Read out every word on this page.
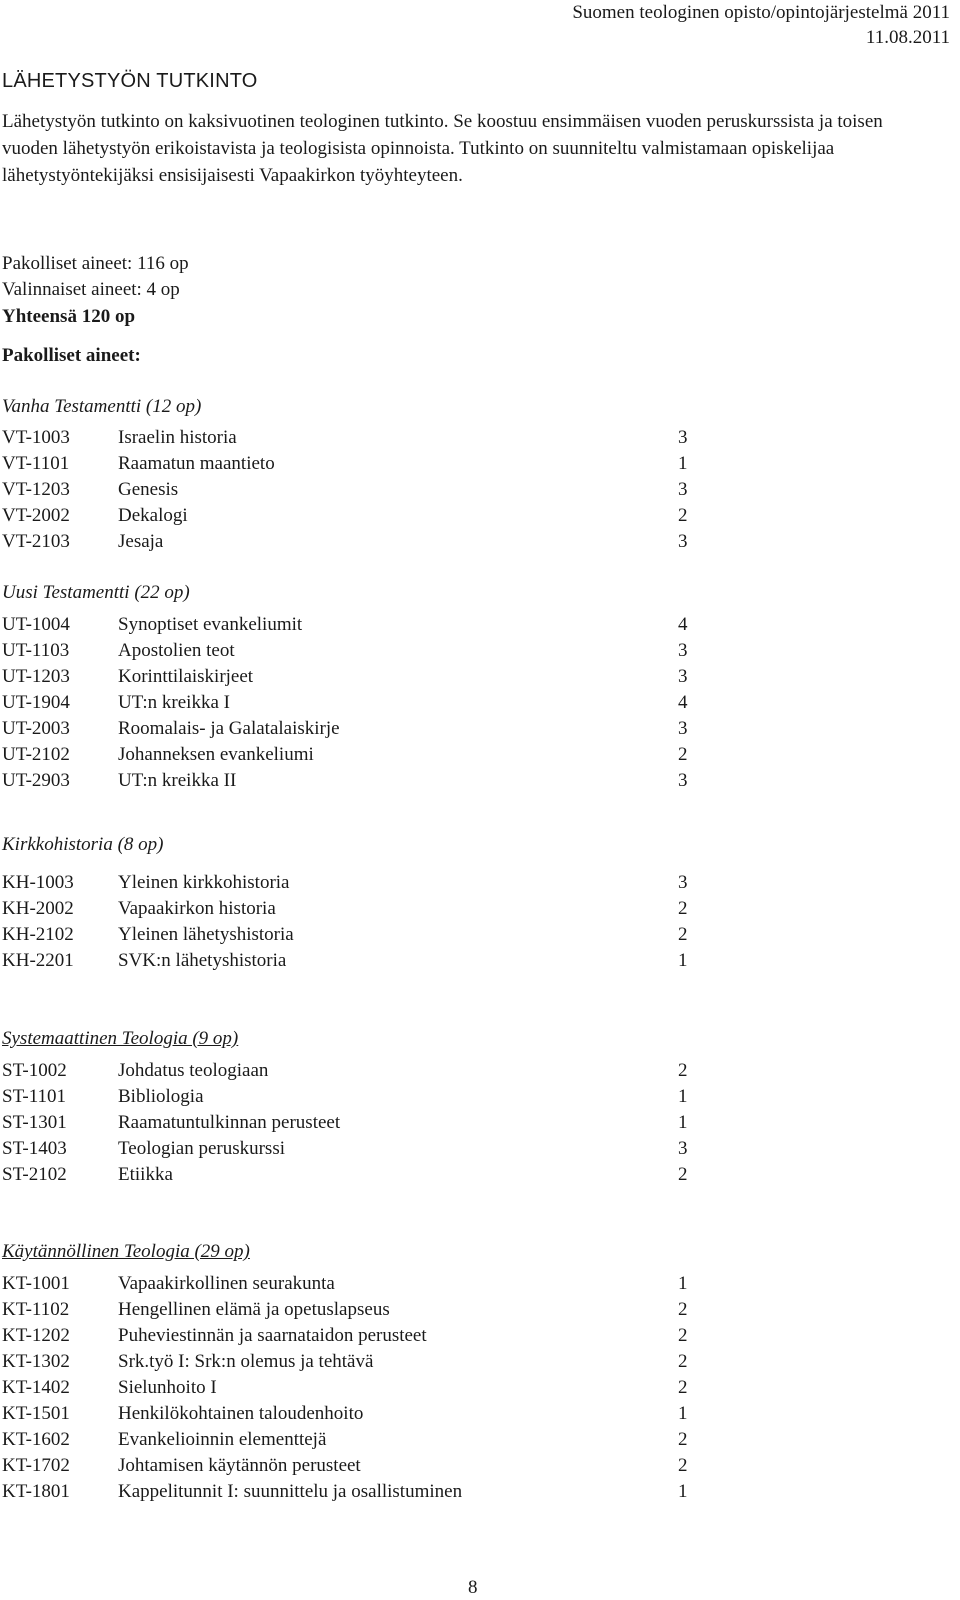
Suomen teologinen opisto/opintojärjestelmä 2011
11.08.2011
LÄHETYSTYÖN TUTKINTO

Lähetystyön tutkinto on kaksivuotinen teologinen tutkinto. Se koostuu ensimmäisen vuoden peruskurssista ja toisen vuoden lähetystyön erikoistavista ja teologisista opinnoista. Tutkinto on suunniteltu valmistamaan opiskelijaa lähetystyöntekijäksi ensisijaisesti Vapaakirkon työyhteyteen.

Pakolliset aineet: 116 op
Valinnaiset aineet: 4 op
Yhteensä 120 op
Pakolliset aineet:
Vanha Testamentti (12 op)
VT-1003	Israelin historia	3
VT-1101	Raamatun maantieto	1
VT-1203	Genesis	3
VT-2002	Dekalogi	2
VT-2103	Jesaja	3
Uusi Testamentti (22 op)
UT-1004	Synoptiset evankeliumit	4
UT-1103	Apostolien teot	3
UT-1203	Korinttilaiskirjeet	3
UT-1904	UT:n kreikka I	4
UT-2003	Roomalais- ja Galatalaiskirje	3
UT-2102	Johanneksen evankeliumi	2
UT-2903	UT:n kreikka II	3
Kirkkohistoria (8 op)
KH-1003 Yleinen kirkkohistoria	3
KH-2002 Vapaakirkon historia	2
KH-2102 Yleinen lähetyshistoria	2
KH-2201 SVK:n lähetyshistoria	1
Systemaattinen Teologia (9 op)
ST-1002	Johdatus teologiaan	2
ST-1101	Bibliologia	1
ST-1301	Raamatuntulkinnan perusteet	1
ST-1403	Teologian peruskurssi	3
ST-2102	Etiikka	2
Käytännöllinen Teologia (29 op)
KT-1001	Vapaakirkollinen seurakunta	1
KT-1102	Hengellinen elämä ja opetuslapseus	2
KT-1202	Puheviestinnän ja saarnataidon perusteet	2
KT-1302	Srk.työ I: Srk:n olemus ja tehtävä	2
KT-1402	Sielunhoito I	2
KT-1501	Henkilökohtainen taloudenhoito	1
KT-1602	Evankelioinnin elementtejä	2
KT-1702	Johtamisen käytännön perusteet	2
KT-1801	Kappelitunnit I: suunnittelu ja osallistuminen	1
8
